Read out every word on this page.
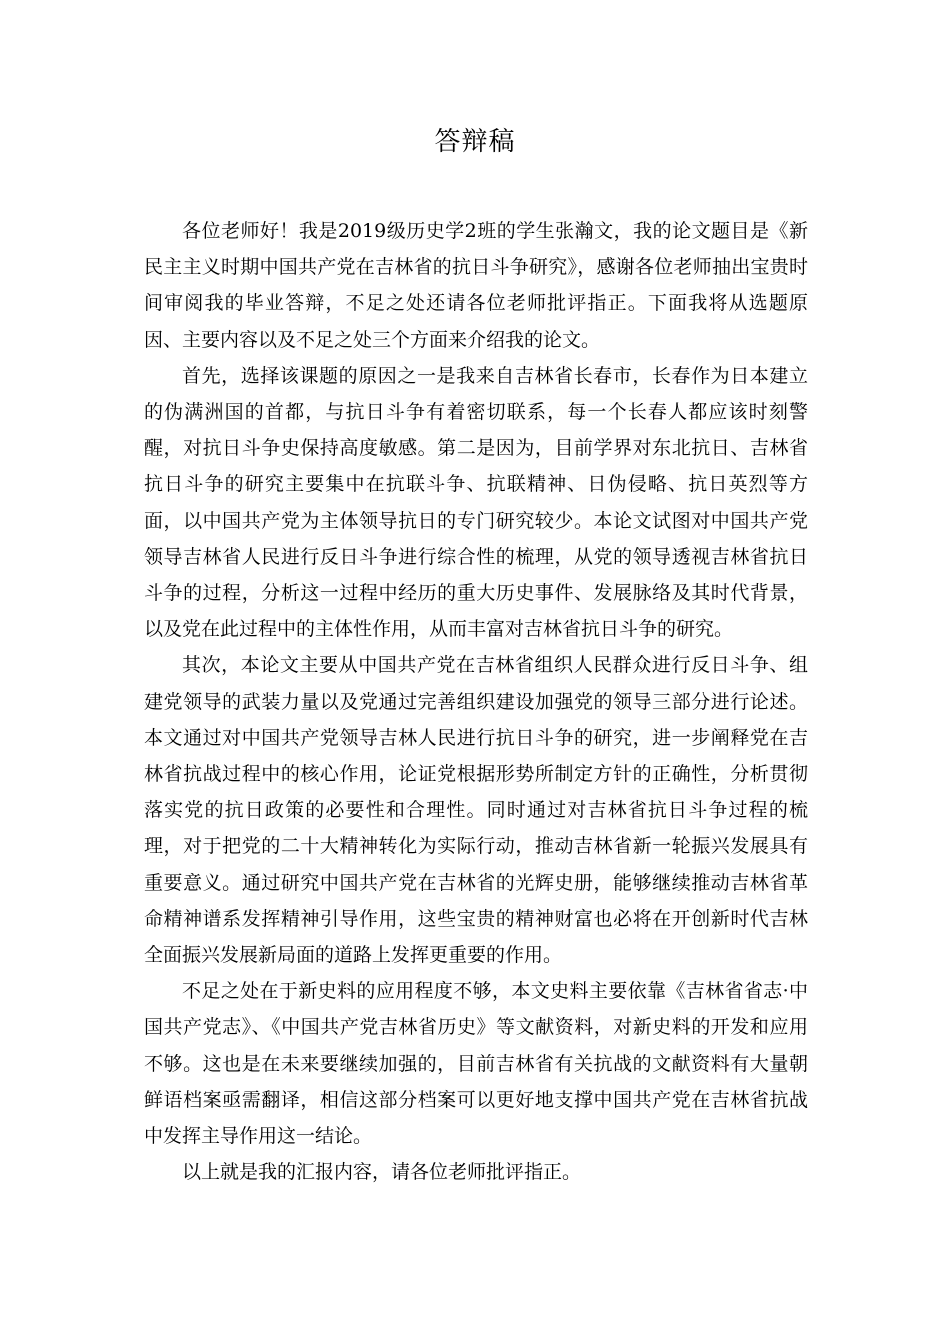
答辩稿

各位老师好！我是2019级历史学2班的学生张瀚文，我的论文题目是《新民主主义时期中国共产党在吉林省的抗日斗争研究》，感谢各位老师抽出宝贵时间审阅我的毕业答辩，不足之处还请各位老师批评指正。下面我将从选题原因、主要内容以及不足之处三个方面来介绍我的论文。

首先，选择该课题的原因之一是我来自吉林省长春市，长春作为日本建立的伪满洲国的首都，与抗日斗争有着密切联系，每一个长春人都应该时刻警醒，对抗日斗争史保持高度敏感。第二是因为，目前学界对东北抗日、吉林省抗日斗争的研究主要集中在抗联斗争、抗联精神、日伪侵略、抗日英烈等方面，以中国共产党为主体领导抗日的专门研究较少。本论文试图对中国共产党领导吉林省人民进行反日斗争进行综合性的梳理，从党的领导透视吉林省抗日斗争的过程，分析这一过程中经历的重大历史事件、发展脉络及其时代背景，以及党在此过程中的主体性作用，从而丰富对吉林省抗日斗争的研究。

其次，本论文主要从中国共产党在吉林省组织人民群众进行反日斗争、组建党领导的武装力量以及党通过完善组织建设加强党的领导三部分进行论述。本文通过对中国共产党领导吉林人民进行抗日斗争的研究，进一步阐释党在吉林省抗战过程中的核心作用，论证党根据形势所制定方针的正确性，分析贯彻落实党的抗日政策的必要性和合理性。同时通过对吉林省抗日斗争过程的梳理，对于把党的二十大精神转化为实际行动，推动吉林省新一轮振兴发展具有重要意义。通过研究中国共产党在吉林省的光辉史册，能够继续推动吉林省革命精神谱系发挥精神引导作用，这些宝贵的精神财富也必将在开创新时代吉林全面振兴发展新局面的道路上发挥更重要的作用。

不足之处在于新史料的应用程度不够，本文史料主要依靠《吉林省省志·中国共产党志》、《中国共产党吉林省历史》等文献资料，对新史料的开发和应用不够。这也是在未来要继续加强的，目前吉林省有关抗战的文献资料有大量朝鲜语档案亟需翻译，相信这部分档案可以更好地支撑中国共产党在吉林省抗战中发挥主导作用这一结论。

以上就是我的汇报内容，请各位老师批评指正。
